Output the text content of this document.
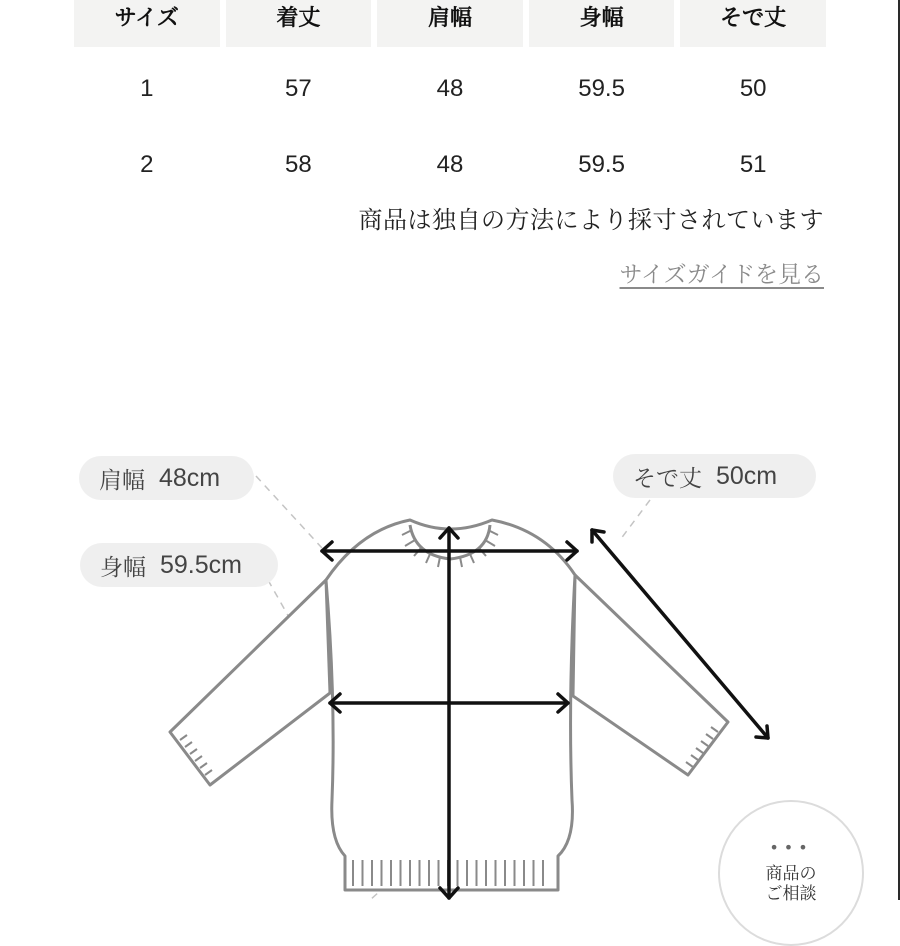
サイズ	着丈	肩幅	身幅	そで丈
1	57	48	59.5	50
2	58	48	59.5	51
商品は独自の方法により採寸されています
サイズガイドを見る
肩幅 48cm
身幅 59.5cm
そで丈 50cm
•••
商品の
ご相談
